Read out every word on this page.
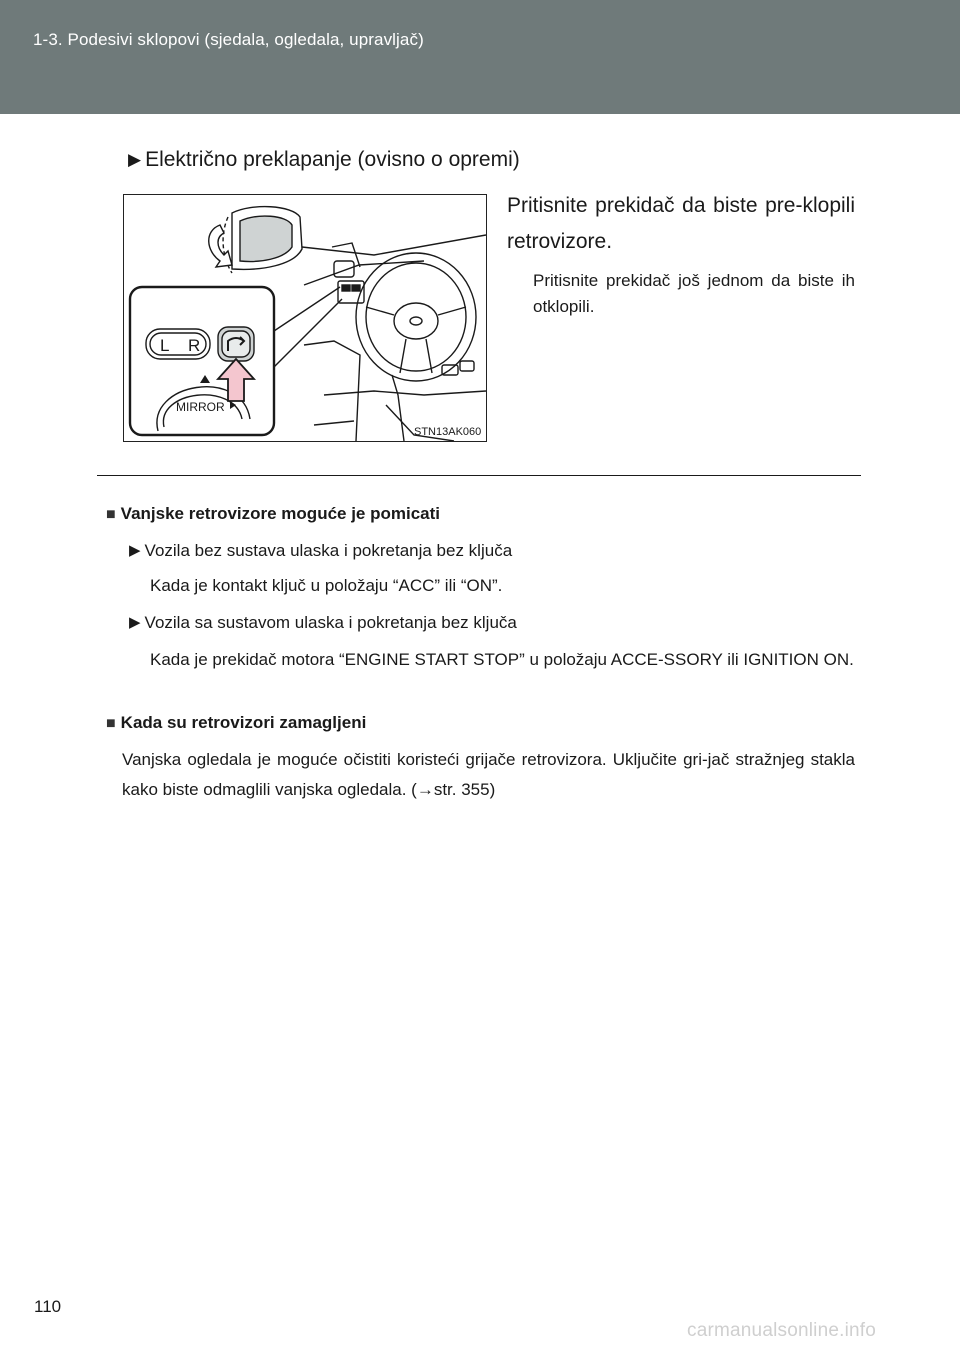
1-3. Podesivi sklopovi (sjedala, ogledala, upravljač)
▶ Električno preklapanje (ovisno o opremi)
L R
MIRROR
STN13AK060
Pritisnite prekidač da biste pre-klopili retrovizore.
Pritisnite prekidač još jednom da biste ih otklopili.
■ Vanjske retrovizore moguće je pomicati
▶ Vozila bez sustava ulaska i pokretanja bez ključa
Kada je kontakt ključ u položaju “ACC” ili “ON”.
▶ Vozila sa sustavom ulaska i pokretanja bez ključa
Kada je prekidač motora “ENGINE START STOP” u položaju ACCE-SSORY ili IGNITION ON.
■ Kada su retrovizori zamagljeni
Vanjska ogledala je moguće očistiti koristeći grijače retrovizora. Uključite gri-jač stražnjeg stakla kako biste odmaglili vanjska ogledala. (→str. 355)
110
carmanualsonline.info
